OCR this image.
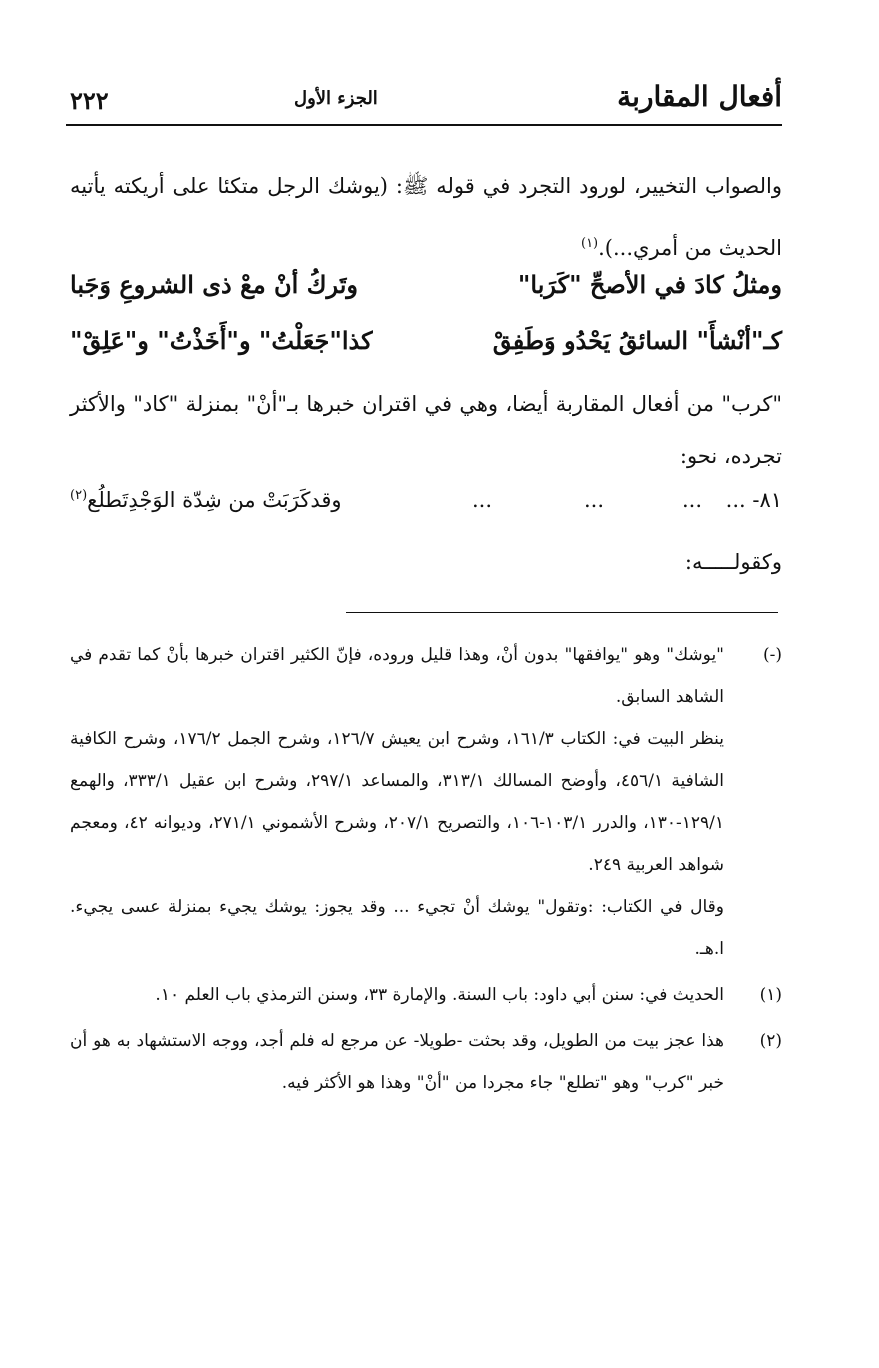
أفعال المقاربة
الجزء الأول
٢٢٢
والصواب التخيير، لورود التجرد في قوله ﷺ: (يوشك الرجل متكئا على أريكته يأتيه الحديث من أمري...).$^{(١)}$
ومثلُ كادَ في الأصحِّ "كَرَبا"
وتَركُ أنْ معْ ذى الشروعِ وَجَبا
كـ"أنْشأَ" السائقُ يَحْدُو وَطَفِقْ
كذا"جَعَلْتُ" و"أَخَذْتُ" و"عَلِقْ"
"كرب" من أفعال المقاربة أيضا، وهي في اقتران خبرها بـ"أنْ" بمنزلة "كاد" والأكثر تجرده، نحو:
٨١- ...
...
...
...
وقدكَرَبَتْ من شِدّة الوَجْدِتَطلُع$^{(٢)}$
وكقولـــــه:
(-)
"يوشك" وهو "يوافقها" بدون أنْ، وهذا قليل وروده، فإنّ الكثير اقتران خبرها بأنْ كما تقدم في الشاهد السابق.
ينظر البيت في: الكتاب ١٦١/٣، وشرح ابن يعيش ١٢٦/٧، وشرح الجمل ١٧٦/٢، وشرح الكافية الشافية ٤٥٦/١، وأوضح المسالك ٣١٣/١، والمساعد ٢٩٧/١، وشرح ابن عقيل ٣٣٣/١، والهمع ١٢٩/١-١٣٠، والدرر ١٠٣/١-١٠٦، والتصريح ٢٠٧/١، وشرح الأشموني ٢٧١/١، وديوانه ٤٢، ومعجم شواهد العربية ٢٤٩.
وقال في الكتاب: :وتقول" يوشك أنْ تجيء ... وقد يجوز: يوشك يجيء بمنزلة عسى يجيء. ا.هـ.
(١)
الحديث في: سنن أبي داود: باب السنة. والإمارة ٣٣، وسنن الترمذي باب العلم ١٠.
(٢)
هذا عجز بيت من الطويل، وقد بحثت -طويلا- عن مرجع له فلم أجد، ووجه الاستشهاد به هو أن خبر "كرب" وهو "تطلع" جاء مجردا من "أنْ" وهذا هو الأكثر فيه.
